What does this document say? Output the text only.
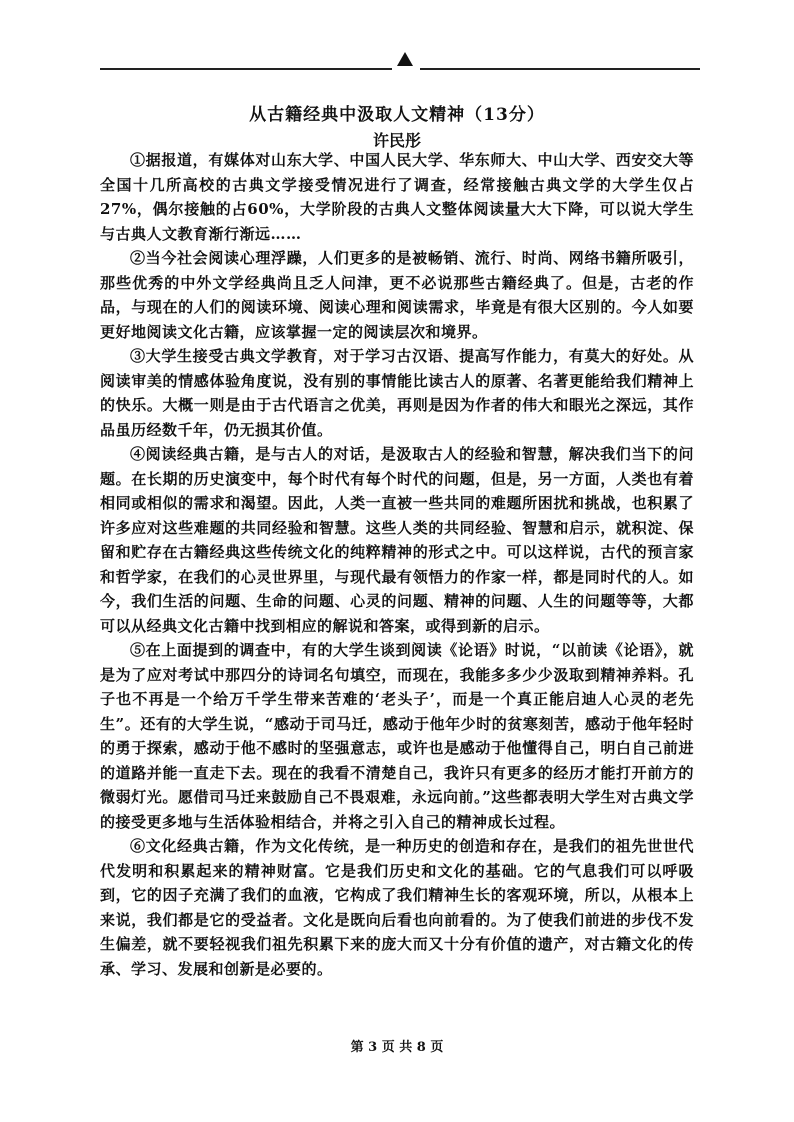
从古籍经典中汲取人文精神（13分）
许民彤

①据报道，有媒体对山东大学、中国人民大学、华东师大、中山大学、西安交大等全国十几所高校的古典文学接受情况进行了调查，经常接触古典文学的大学生仅占27%，偶尔接触的占60%，大学阶段的古典人文整体阅读量大大下降，可以说大学生与古典人文教育渐行渐远……

②当今社会阅读心理浮躁，人们更多的是被畅销、流行、时尚、网络书籍所吸引，那些优秀的中外文学经典尚且乏人问津，更不必说那些古籍经典了。但是，古老的作品，与现在的人们的阅读环境、阅读心理和阅读需求，毕竟是有很大区别的。今人如要更好地阅读文化古籍，应该掌握一定的阅读层次和境界。

③大学生接受古典文学教育，对于学习古汉语、提高写作能力，有莫大的好处。从阅读审美的情感体验角度说，没有别的事情能比读古人的原著、名著更能给我们精神上的快乐。大概一则是由于古代语言之优美，再则是因为作者的伟大和眼光之深远，其作品虽历经数千年，仍无损其价值。

④阅读经典古籍，是与古人的对话，是汲取古人的经验和智慧，解决我们当下的问题。在长期的历史演变中，每个时代有每个时代的问题，但是，另一方面，人类也有着相同或相似的需求和渴望。因此，人类一直被一些共同的难题所困扰和挑战，也积累了许多应对这些难题的共同经验和智慧。这些人类的共同经验、智慧和启示，就积淀、保留和贮存在古籍经典这些传统文化的纯粹精神的形式之中。可以这样说，古代的预言家和哲学家，在我们的心灵世界里，与现代最有领悟力的作家一样，都是同时代的人。如今，我们生活的问题、生命的问题、心灵的问题、精神的问题、人生的问题等等，大都可以从经典文化古籍中找到相应的解说和答案，或得到新的启示。

⑤在上面提到的调查中，有的大学生谈到阅读《论语》时说，“以前读《论语》，就是为了应对考试中那四分的诗词名句填空，而现在，我能多多少少汲取到精神养料。孔子也不再是一个给万千学生带来苦难的‘老头子’，而是一个真正能启迪人心灵的老先生”。还有的大学生说，“感动于司马迁，感动于他年少时的贫寒刻苦，感动于他年轻时的勇于探索，感动于他不感时的坚强意志，或许也是感动于他懂得自己，明白自己前进的道路并能一直走下去。现在的我看不清楚自己，我许只有更多的经历才能打开前方的微弱灯光。愿借司马迁来鼓励自己不畏艰难，永远向前。”这些都表明大学生对古典文学的接受更多地与生活体验相结合，并将之引入自己的精神成长过程。

⑥文化经典古籍，作为文化传统，是一种历史的创造和存在，是我们的祖先世世代代发明和积累起来的精神财富。它是我们历史和文化的基础。它的气息我们可以呼吸到，它的因子充满了我们的血液，它构成了我们精神生长的客观环境，所以，从根本上来说，我们都是它的受益者。文化是既向后看也向前看的。为了使我们前进的步伐不发生偏差，就不要轻视我们祖先积累下来的庞大而又十分有价值的遗产，对古籍文化的传承、学习、发展和创新是必要的。

第 3 页 共 8 页
